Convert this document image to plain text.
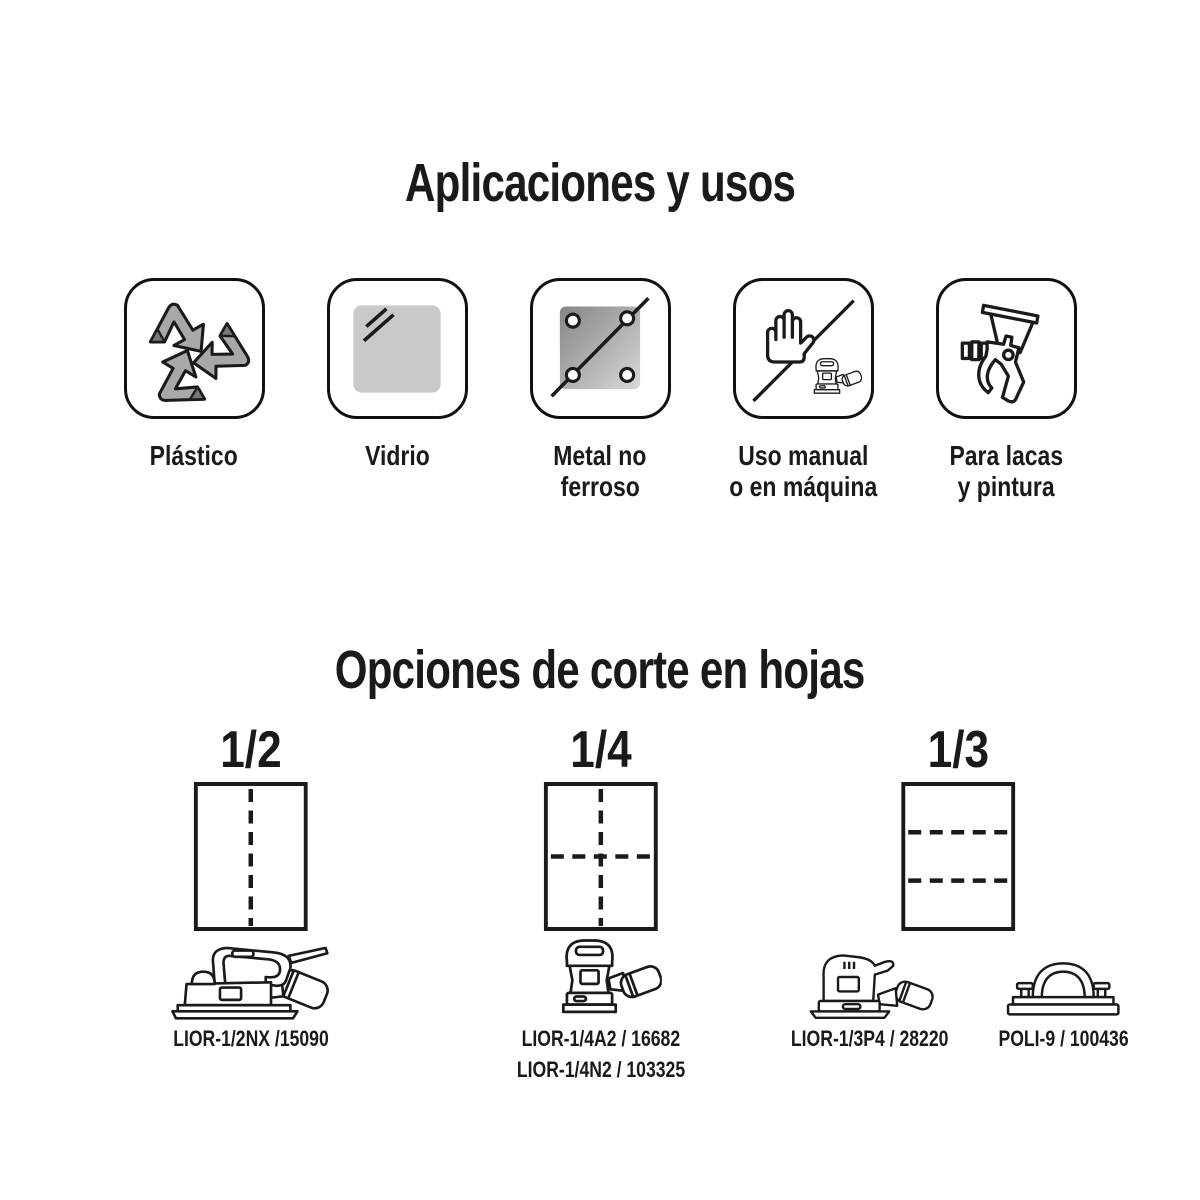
Aplicaciones y usos
Plástico	Vidrio	Metal no
ferroso
Uso manual
o en máquina
Para lacas
y pintura
Opciones de corte en hojas
1/2
LIOR-1/2NX /15090
1/4
LIOR-1/4A2 / 16682
LIOR-1/4N2 / 103325
1/3
LIOR-1/3P4 / 28220	POLI-9 / 100436
